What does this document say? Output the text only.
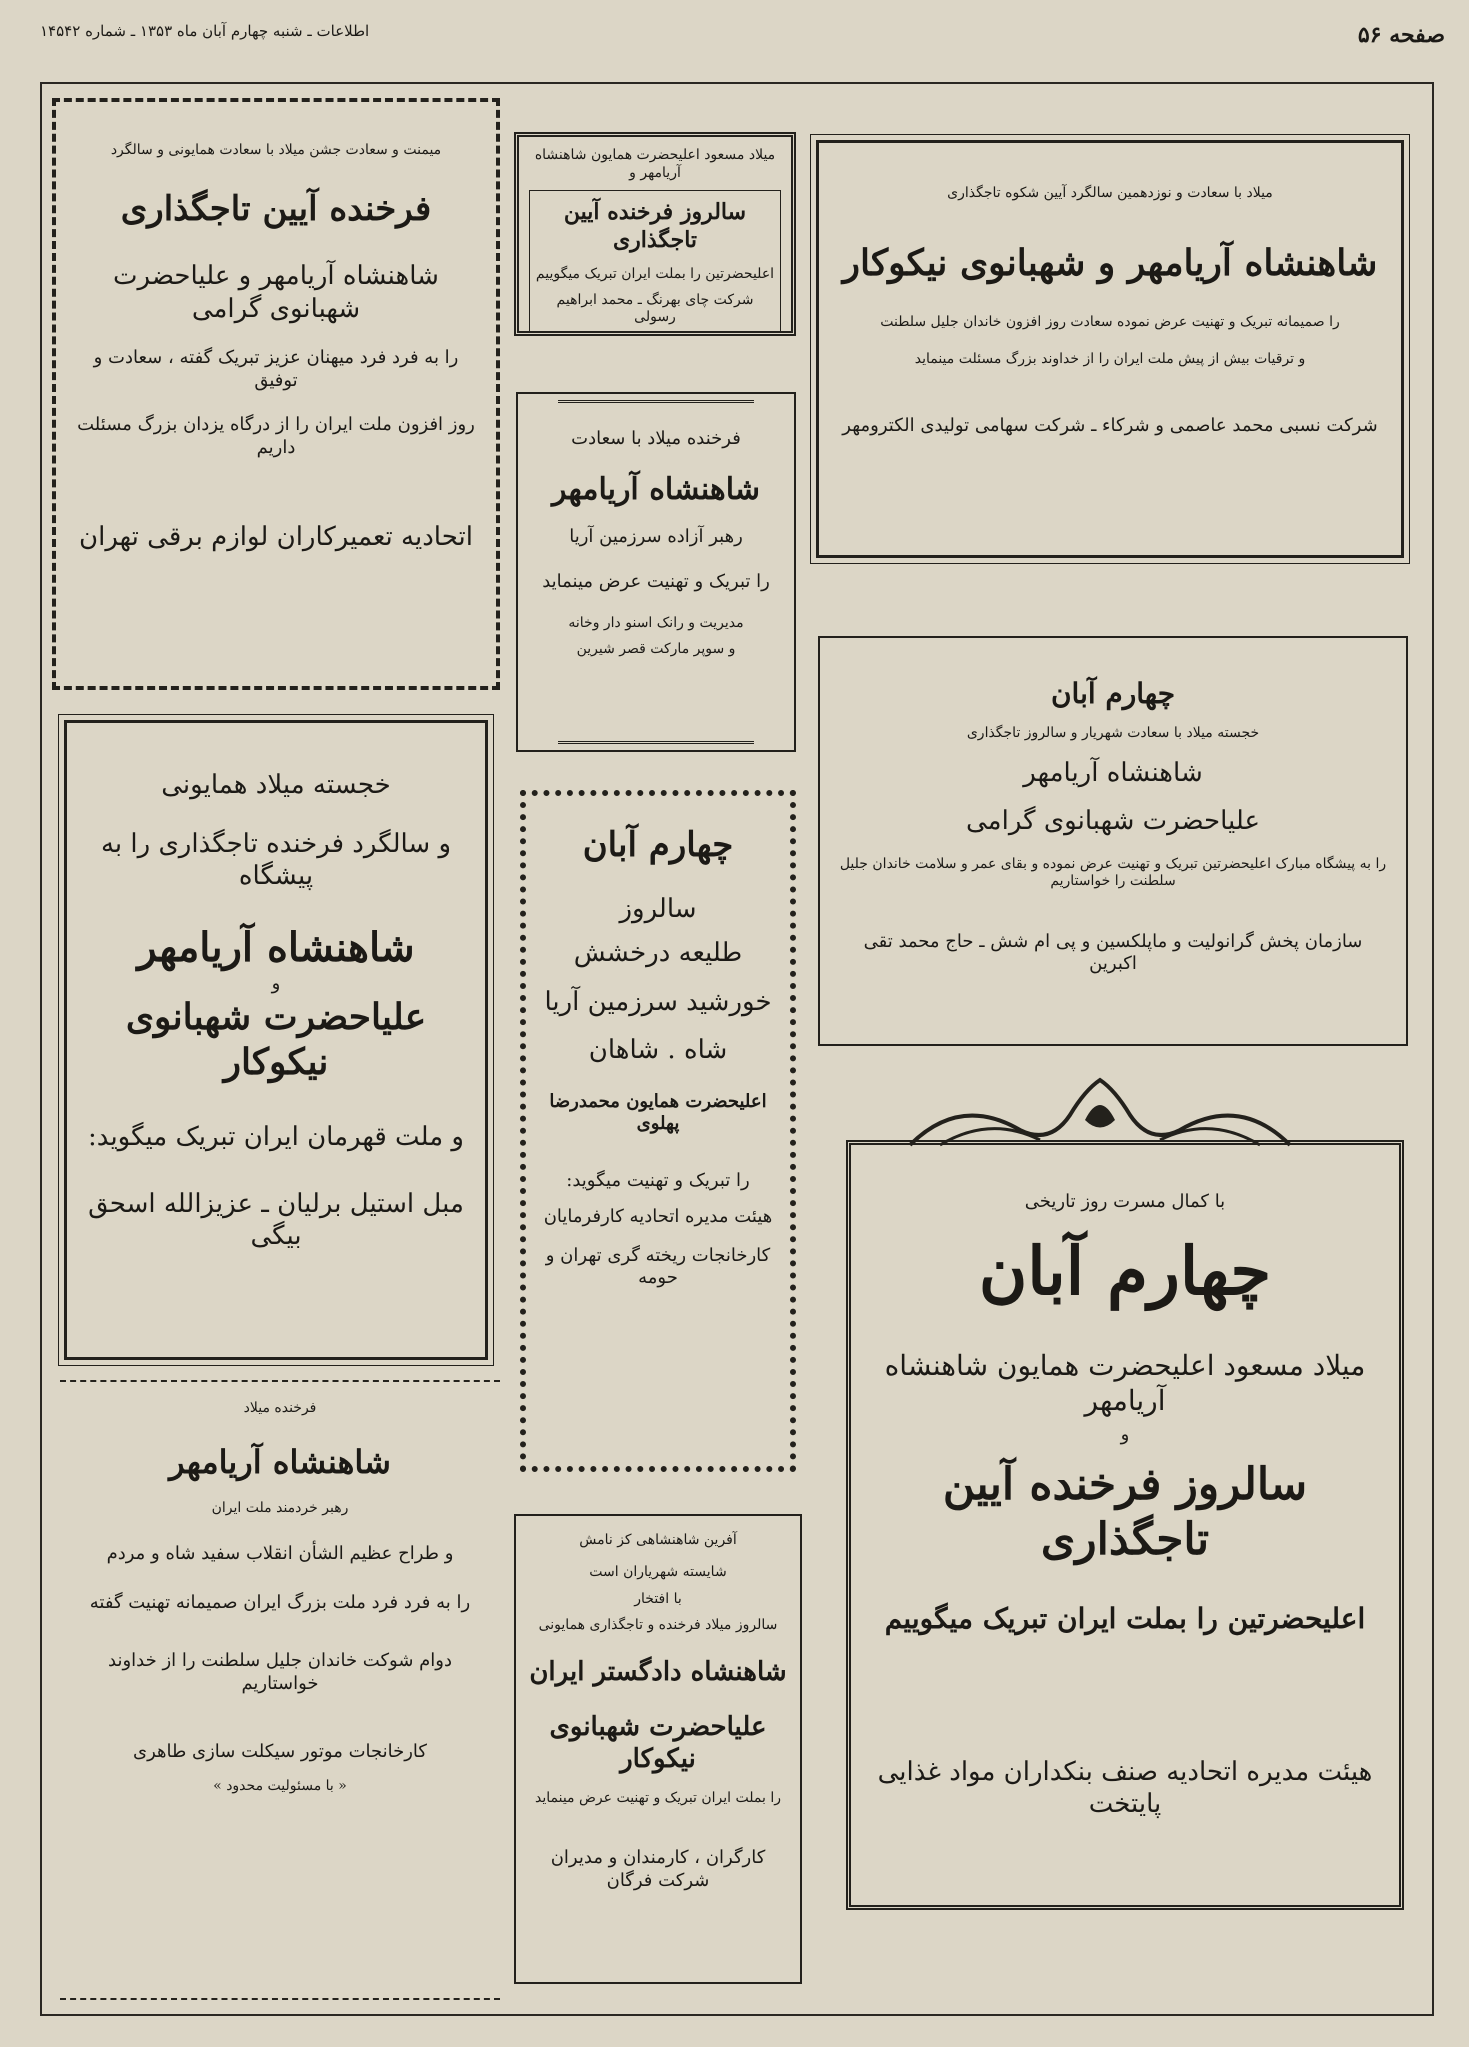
صفحه ۵۶
اطلاعات ـ شنبه چهارم آبان ماه ۱۳۵۳ ـ شماره ۱۴۵۴۲
میمنت و سعادت جشن میلاد با سعادت همایونی و سالگرد
فرخنده آیین تاجگذاری
شاهنشاه آریامهر و علیاحضرت شهبانوی گرامی
را به فرد فرد میهنان عزیز تبریک گفته ، سعادت و توفیق
روز افزون ملت ایران را از درگاه یزدان بزرگ مسئلت داریم
اتحادیه تعمیرکاران لوازم برقی تهران
میلاد مسعود اعلیحضرت همایون شاهنشاه آریامهر و
سالروز فرخنده آیین تاجگذاری
اعلیحضرتین را بملت ایران تبریک میگوییم
شرکت چای بهرنگ ـ محمد ابراهیم رسولی
میلاد با سعادت و نوزدهمین سالگرد آیین شکوه تاجگذاری
شاهنشاه آریامهر و شهبانوی نیکوکار
را صمیمانه تبریک و تهنیت عرض نموده سعادت روز افزون خاندان جلیل سلطنت
و ترقیات بیش از پیش ملت ایران را از خداوند بزرگ مسئلت مینماید
شرکت نسبی محمد عاصمی و شرکاء ـ شرکت سهامی تولیدی الکترومهر
فرخنده میلاد با سعادت
شاهنشاه آریامهر
رهبر آزاده سرزمین آریا
را تبریک و تهنیت عرض مینماید
مدیریت و رانک اسنو دار وخانه
و سوپر مارکت قصر شیرین
چهارم آبان
خجسته میلاد با سعادت شهریار و سالروز تاجگذاری
شاهنشاه آریامهر
علیاحضرت شهبانوی گرامی
را به پیشگاه مبارک اعلیحضرتین تبریک و تهنیت عرض نموده و بقای عمر و سلامت خاندان جلیل سلطنت را خواستاریم
سازمان پخش گرانولیت و ماپلکسین و پی ام شش ـ حاج محمد تقی اکبرین
خجسته میلاد همایونی
و سالگرد فرخنده تاجگذاری را به پیشگاه
شاهنشاه آریامهر
و
علیاحضرت شهبانوی نیکوکار
و ملت قهرمان ایران تبریک میگوید:
مبل استیل برلیان ـ عزیزالله اسحق بیگی
چهارم آبان
سالروز
طلیعه درخشش
خورشید سرزمین آریا
شاه . شاهان
اعلیحضرت همایون محمدرضا پهلوی
را تبریک و تهنیت میگوید:
هیئت مدیره اتحادیه کارفرمایان
کارخانجات ریخته گری تهران و حومه
با کمال مسرت روز تاریخی
چهارم آبان
میلاد مسعود اعلیحضرت همایون شاهنشاه آریامهر
و
سالروز فرخنده آیین تاجگذاری
اعلیحضرتین را بملت ایران تبریک میگوییم
هیئت مدیره اتحادیه صنف بنکداران مواد غذایی پایتخت
فرخنده میلاد
شاهنشاه آریامهر
رهبر خردمند ملت ایران
و طراح عظیم الشأن انقلاب سفید شاه و مردم
را به فرد فرد ملت بزرگ ایران صمیمانه تهنیت گفته
دوام شوکت خاندان جلیل سلطنت را از خداوند خواستاریم
کارخانجات موتور سیکلت سازی طاهری
« با مسئولیت محدود »
آفرین شاهنشاهی کز نامش
شایسته شهریاران است
با افتخار
سالروز میلاد فرخنده و تاجگذاری همایونی
شاهنشاه دادگستر ایران
علیاحضرت شهبانوی نیکوکار
را بملت ایران تبریک و تهنیت عرض مینماید
کارگران ، کارمندان و مدیران شرکت فرگان
